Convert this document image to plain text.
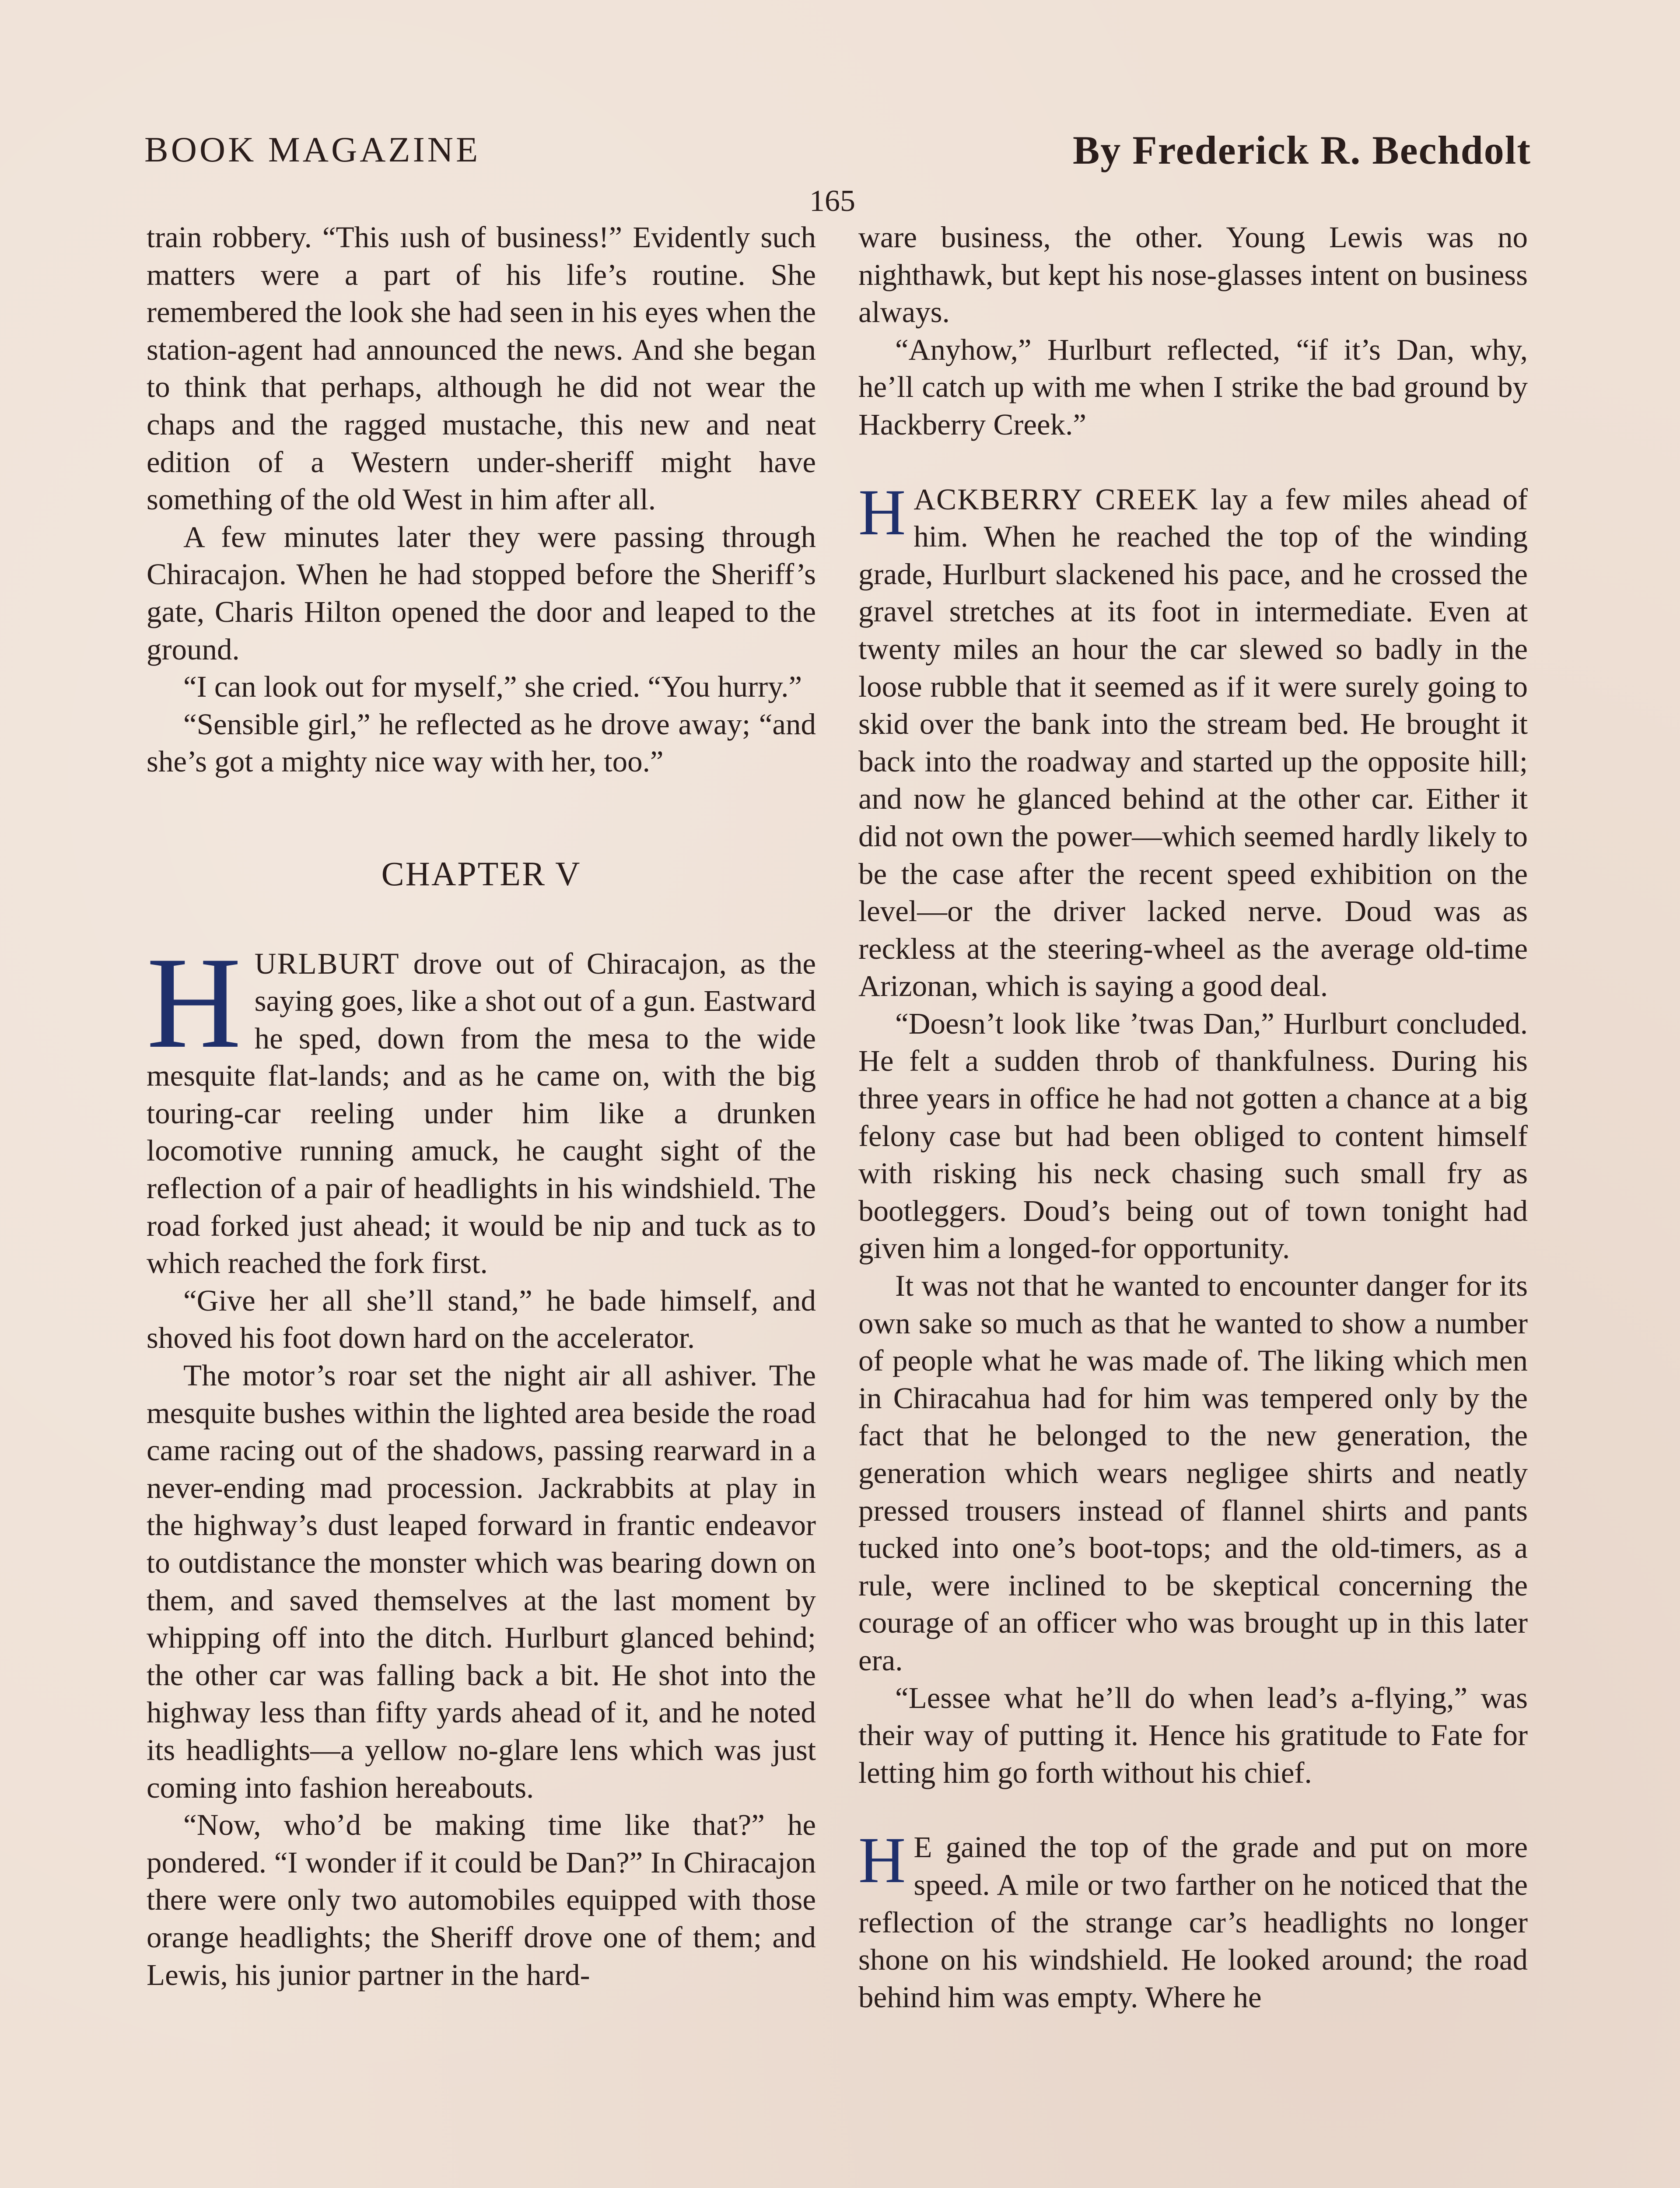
BOOK MAGAZINE	By Frederick R. Bechdolt
165

train robbery. “This ıush of business!” Evidently such matters were a part of his life’s routine. She remembered the look she had seen in his eyes when the station-agent had announced the news. And she began to think that perhaps, although he did not wear the chaps and the ragged mustache, this new and neat edition of a Western under-sheriff might have something of the old West in him after all.

A few minutes later they were passing through Chiracajon. When he had stopped before the Sheriff’s gate, Charis Hilton opened the door and leaped to the ground.

“I can look out for myself,” she cried. “You hurry.”

“Sensible girl,” he reflected as he drove away; “and she’s got a mighty nice way with her, too.”

CHAPTER V

HURLBURT drove out of Chiracajon, as the saying goes, like a shot out of a gun. Eastward he sped, down from the mesa to the wide mesquite flat-lands; and as he came on, with the big touring-car reeling under him like a drunken locomotive running amuck, he caught sight of the reflection of a pair of headlights in his windshield. The road forked just ahead; it would be nip and tuck as to which reached the fork first.

“Give her all she’ll stand,” he bade himself, and shoved his foot down hard on the accelerator.

The motor’s roar set the night air all ashiver. The mesquite bushes within the lighted area beside the road came racing out of the shadows, passing rearward in a never-ending mad procession. Jackrabbits at play in the highway’s dust leaped forward in frantic endeavor to outdistance the monster which was bearing down on them, and saved themselves at the last moment by whipping off into the ditch. Hurlburt glanced behind; the other car was falling back a bit. He shot into the highway less than fifty yards ahead of it, and he noted its headlights—a yellow no-glare lens which was just coming into fashion hereabouts.

“Now, who’d be making time like that?” he pondered. “I wonder if it could be Dan?” In Chiracajon there were only two automobiles equipped with those orange headlights; the Sheriff drove one of them; and Lewis, his junior partner in the hard-

ware business, the other. Young Lewis was no nighthawk, but kept his nose-glasses intent on business always.

“Anyhow,” Hurlburt reflected, “if it’s Dan, why, he’ll catch up with me when I strike the bad ground by Hackberry Creek.”

HACKBERRY CREEK lay a few miles ahead of him. When he reached the top of the winding grade, Hurlburt slackened his pace, and he crossed the gravel stretches at its foot in intermediate. Even at twenty miles an hour the car slewed so badly in the loose rubble that it seemed as if it were surely going to skid over the bank into the stream bed. He brought it back into the roadway and started up the opposite hill; and now he glanced behind at the other car. Either it did not own the power—which seemed hardly likely to be the case after the recent speed exhibition on the level—or the driver lacked nerve. Doud was as reckless at the steering-wheel as the average old-time Arizonan, which is saying a good deal.

“Doesn’t look like ’twas Dan,” Hurlburt concluded. He felt a sudden throb of thankfulness. During his three years in office he had not gotten a chance at a big felony case but had been obliged to content himself with risking his neck chasing such small fry as bootleggers. Doud’s being out of town tonight had given him a longed-for opportunity.

It was not that he wanted to encounter danger for its own sake so much as that he wanted to show a number of people what he was made of. The liking which men in Chiracahua had for him was tempered only by the fact that he belonged to the new generation, the generation which wears negligee shirts and neatly pressed trousers instead of flannel shirts and pants tucked into one’s boot-tops; and the old-timers, as a rule, were inclined to be skeptical concerning the courage of an officer who was brought up in this later era.

“Lessee what he’ll do when lead’s a-flying,” was their way of putting it. Hence his gratitude to Fate for letting him go forth without his chief.

H E gained the top of the grade and put on more speed. A mile or two farther on he noticed that the reflection of the strange car’s headlights no longer shone on his windshield. He looked around; the road behind him was empty. Where he
